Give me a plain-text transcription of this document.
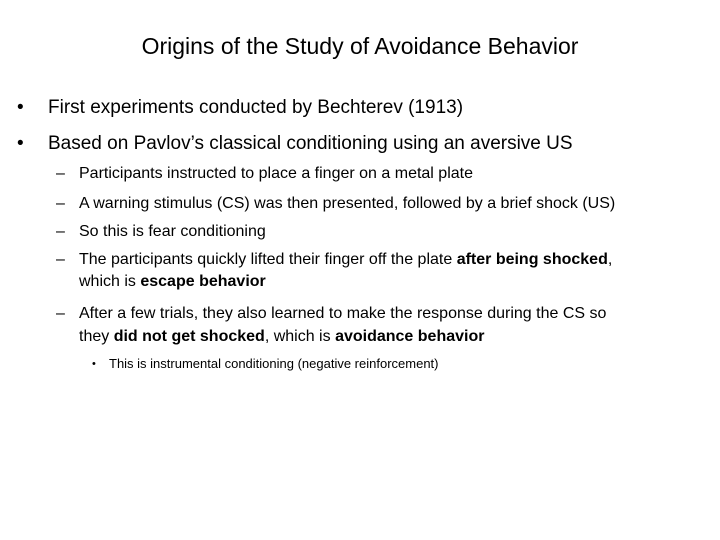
Origins of the Study of Avoidance Behavior
• First experiments conducted by Bechterev (1913)
• Based on Pavlov’s classical conditioning using an aversive US
– Participants instructed to place a finger on a metal plate
– A warning stimulus (CS) was then presented, followed by a brief shock (US)
– So this is fear conditioning
– The participants quickly lifted their finger off the plate after being shocked,
which is escape behavior
– After a few trials, they also learned to make the response during the CS so
they did not get shocked, which is avoidance behavior
• This is instrumental conditioning (negative reinforcement)
